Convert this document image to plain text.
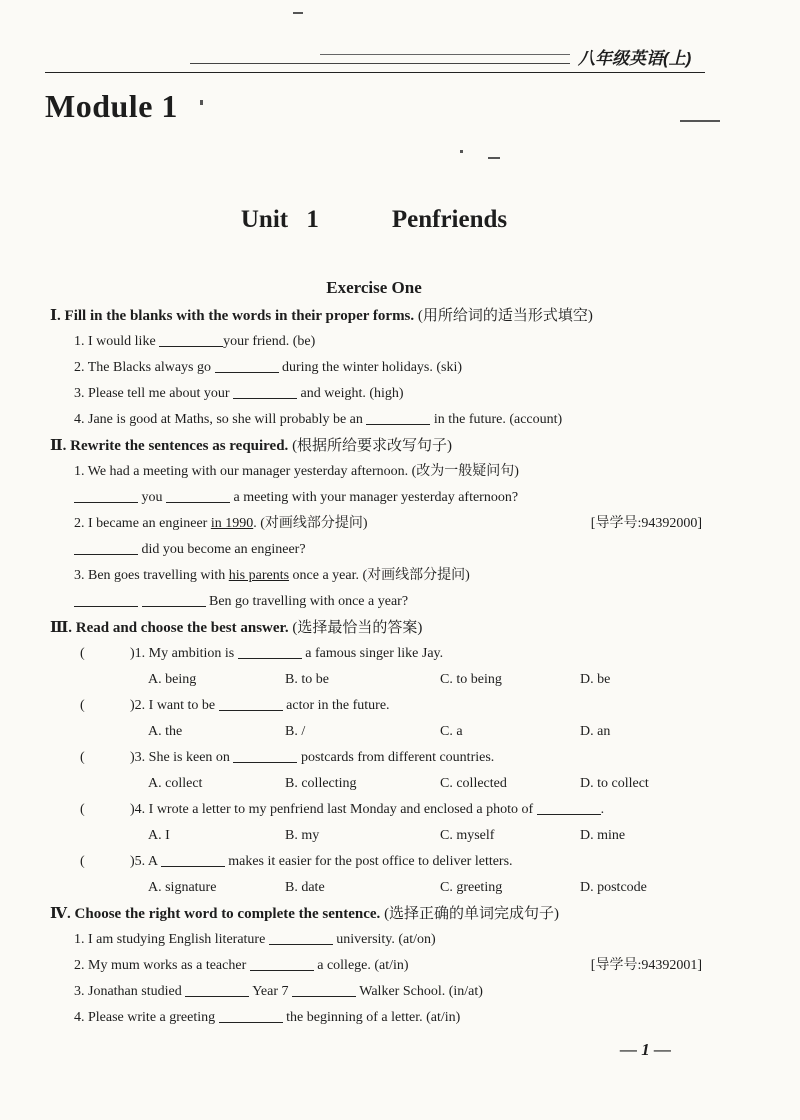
八年级英语(上)
Module 1
Unit 1    Penfriends
Exercise One
Ⅰ. Fill in the blanks with the words in their proper forms. (用所给词的适当形式填空)
1. I would like	your friend. (be)
2. The Blacks always go	during the winter holidays. (ski)
3. Please tell me about your	and weight. (high)
4. Jane is good at Maths, so she will probably be an	in the future. (account)
Ⅱ. Rewrite the sentences as required. (根据所给要求改写句子)
1. We had a meeting with our manager yesterday afternoon. (改为一般疑问句)
you	a meeting with your manager yesterday afternoon?
2. I became an engineer in 1990. (对画线部分提问)	[导学号:94392000]
did you become an engineer?
3. Ben goes travelling with his parents once a year. (对画线部分提问)
Ben go travelling with once a year?
Ⅲ. Read and choose the best answer. (选择最恰当的答案)
(	)1. My ambition is	a famous singer like Jay.
A. being	B. to be	C. to being	D. be
(	)2. I want to be	actor in the future.
A. the	B. /	C. a	D. an
(	)3. She is keen on	postcards from different countries.
A. collect	B. collecting	C. collected	D. to collect
(	)4. I wrote a letter to my penfriend last Monday and enclosed a photo of	.
A. I	B. my	C. myself	D. mine
(	)5. A	makes it easier for the post office to deliver letters.
A. signature	B. date	C. greeting	D. postcode
Ⅳ. Choose the right word to complete the sentence. (选择正确的单词完成句子)
1. I am studying English literature	university. (at/on)
2. My mum works as a teacher	a college. (at/in)	[导学号:94392001]
3. Jonathan studied	Year 7	Walker School. (in/at)
4. Please write a greeting	the beginning of a letter. (at/in)
— 1 —
